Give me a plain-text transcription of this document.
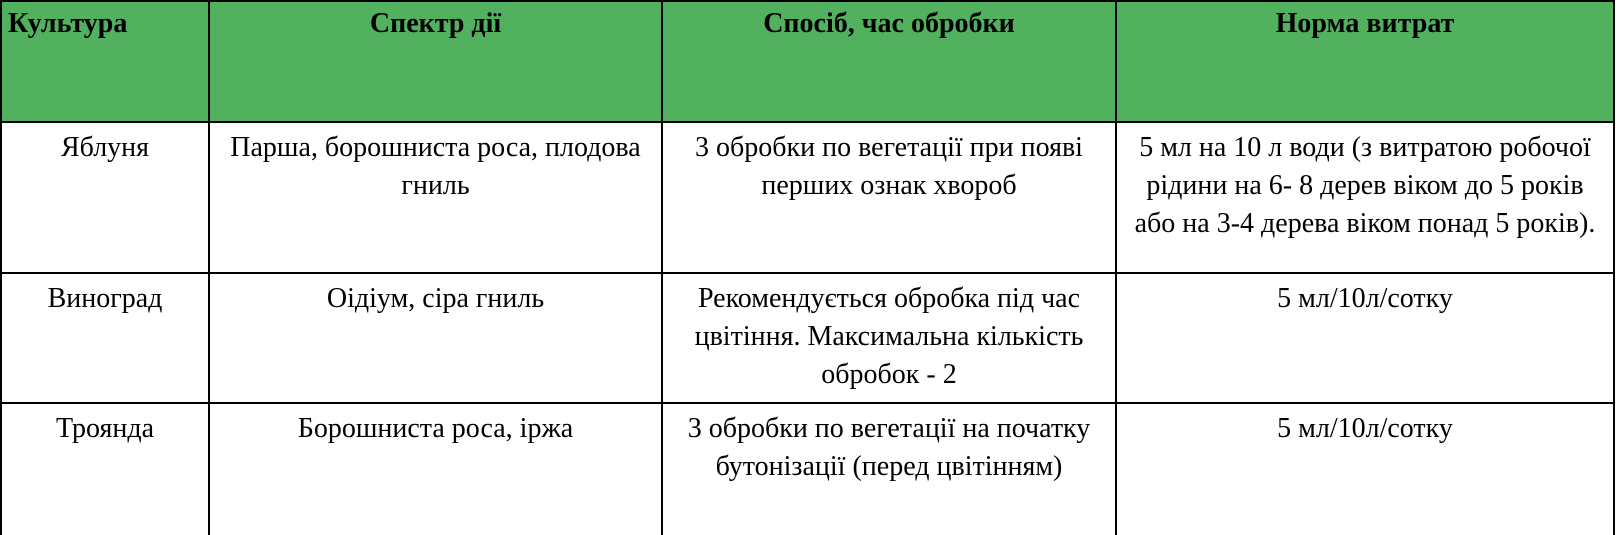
Культура	Спектр дії	Спосіб, час обробки	Норма витрат
Яблуня	Парша, борошниста роса, плодова гниль	3 обробки по вегетації при появі перших ознак хвороб	5 мл на 10 л води (з витратою робочої рідини на 6- 8 дерев віком до 5 років або на 3-4 дерева віком понад 5 років).
Виноград	Оідіум, сіра гниль	Рекомендується обробка під час цвітіння. Максимальна кількість обробок - 2	5 мл/10л/сотку
Троянда	Борошниста роса, іржа	3 обробки по вегетації на початку бутонізації (перед цвітінням)	5 мл/10л/сотку
